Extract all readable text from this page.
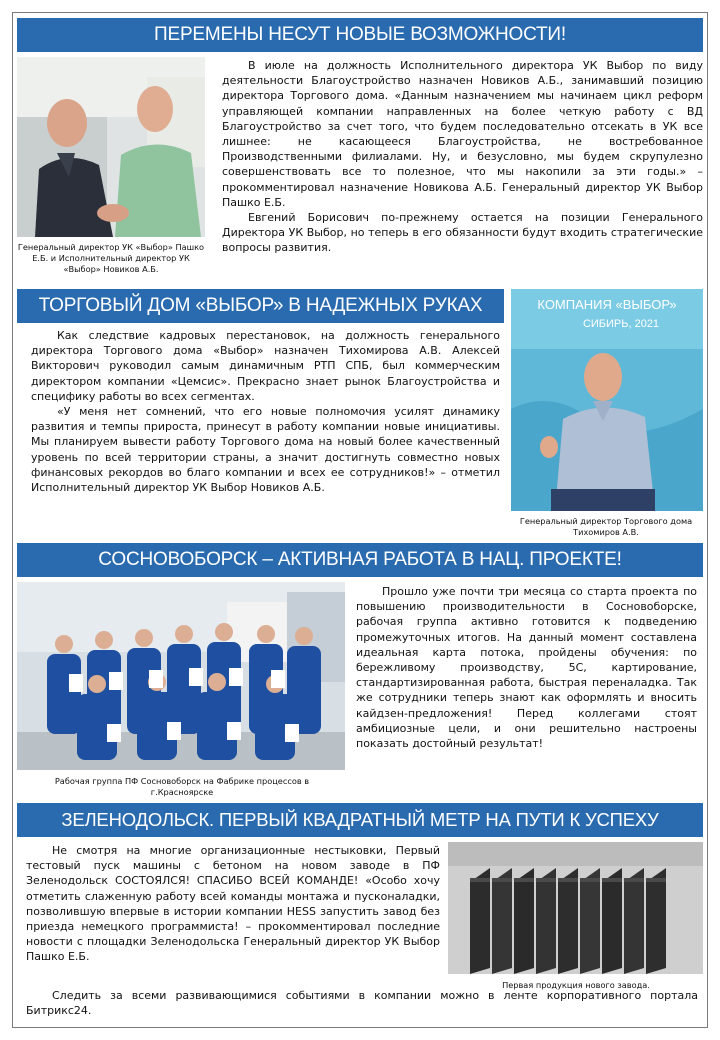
ПЕРЕМЕНЫ НЕСУТ НОВЫЕ ВОЗМОЖНОСТИ!
Генеральный директор УК «Выбор» Пашко Е.Б. и Исполнительный директор УК «Выбор» Новиков А.Б.

В июле на должность Исполнительного директора УК Выбор по виду деятельности Благоустройство назначен Новиков А.Б., занимавший позицию директора Торгового дома. «Данным назначением мы начинаем цикл реформ управляющей компании направленных на более четкую работу с ВД Благоустройство за счет того, что будем последовательно отсекать в УК все лишнее: не касающееся Благоустройства, не востребованное Производственными филиалами. Ну, и безусловно, мы будем скрупулезно совершенствовать все то полезное, что мы накопили за эти годы.» – прокомментировал назначение Новикова А.Б. Генеральный директор УК Выбор Пашко Е.Б.

Евгений Борисович по-прежнему остается на позиции Генерального Директора УК Выбор, но теперь в его обязанности будут входить стратегические вопросы развития.

ТОРГОВЫЙ ДОМ «ВЫБОР» В НАДЕЖНЫХ РУКАХ	КОМПАНИЯ «ВЫБОР»
СИБИРЬ, 2021
Генеральный директор Торгового дома Тихомиров А.В.

Как следствие кадровых перестановок, на должность генерального директора Торгового дома «Выбор» назначен Тихомирова А.В. Алексей Викторович руководил самым динамичным РТП СПБ, был коммерческим директором компании «Цемсис». Прекрасно знает рынок Благоустройства и специфику работы во всех сегментах.

«У меня нет сомнений, что его новые полномочия усилят динамику развития и темпы прироста, принесут в работу компании новые инициативы. Мы планируем вывести работу Торгового дома на новый более качественный уровень по всей территории страны, а значит достигнуть совместно новых финансовых рекордов во благо компании и всех ее сотрудников!» – отметил Исполнительный директор УК Выбор Новиков А.Б.

СОСНОВОБОРСК – АКТИВНАЯ РАБОТА В НАЦ. ПРОЕКТЕ!
Рабочая группа ПФ Сосновоборск на Фабрике процессов в г.Красноярске

Прошло уже почти три месяца со старта проекта по повышению производительности в Сосновоборске, рабочая группа активно готовится к подведению промежуточных итогов. На данный момент составлена идеальная карта потока, пройдены обучения: по бережливому производству, 5С, картирование, стандартизированная работа, быстрая переналадка. Так же сотрудники теперь знают как оформлять и вносить кайдзен-предложения! Перед коллегами стоят амбициозные цели, и они решительно настроены показать достойный результат!

ЗЕЛЕНОДОЛЬСК. ПЕРВЫЙ КВАДРАТНЫЙ МЕТР НА ПУТИ К УСПЕХУ
Первая продукция нового завода.

Не смотря на многие организационные нестыковки, Первый тестовый пуск машины с бетоном на новом заводе в ПФ Зеленодольск СОСТОЯЛСЯ! СПАСИБО ВСЕЙ КОМАНДЕ! «Особо хочу отметить слаженную работу всей команды монтажа и пусконаладки, позволившую впервые в истории компании HESS запустить завод без приезда немецкого программиста! – прокомментировал последние новости с площадки Зеленодольска Генеральный директор УК Выбор Пашко Е.Б.

Следить за всеми развивающимися событиями в компании можно в ленте корпоративного портала Битрикс24.
